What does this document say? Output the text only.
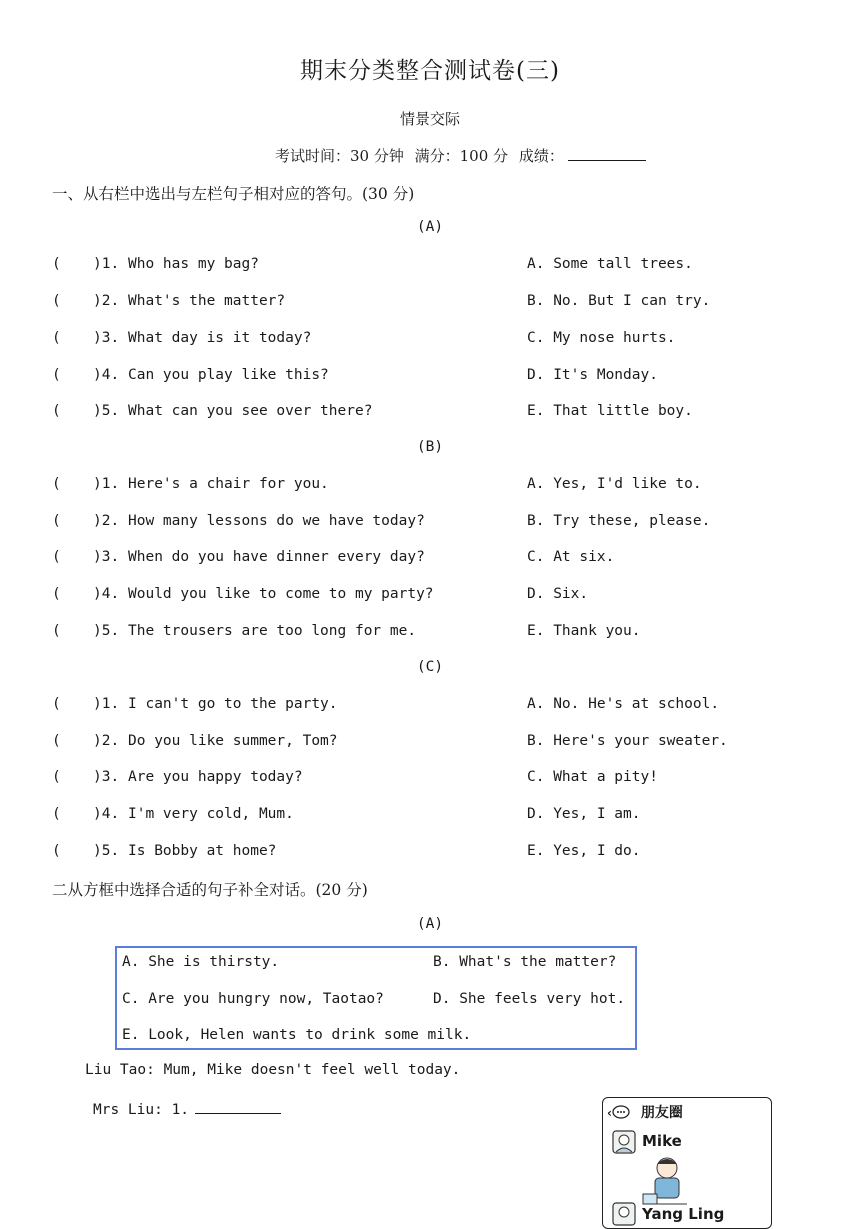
期末分类整合测试卷(三)
情景交际
考试时间：30 分钟 满分：100 分 成绩：
一、从右栏中选出与左栏句子相对应的答句。(30 分)
(A)
( )1. Who has my bag?	A. Some tall trees.
( )2. What's the matter?	B. No. But I can try.
( )3. What day is it today?	C. My nose hurts.
( )4. Can you play like this?	D. It's Monday.
( )5. What can you see over there?	E. That little boy.
(B)
( )1. Here's a chair for you.	A. Yes, I'd like to.
( )2. How many lessons do we have today?	B. Try these, please.
( )3. When do you have dinner every day?	C. At six.
( )4. Would you like to come to my party?	D. Six.
( )5. The trousers are too long for me.	E. Thank you.
(C)
( )1. I can't go to the party.	A. No. He's at school.
( )2. Do you like summer, Tom?	B. Here's your sweater.
( )3. Are you happy today?	C. What a pity!
( )4. I'm very cold, Mum.	D. Yes, I am.
( )5. Is Bobby at home?	E. Yes, I do.
二从方框中选择合适的句子补全对话。(20 分)
(A)
A. She is thirsty.	B. What's the matter?
C. Are you hungry now, Taotao?	D. She feels very hot.
E. Look, Helen wants to drink some milk.
Liu Tao: Mum, Mike doesn't feel well today.
Mrs Liu: 1.	‹ 朋友圈
Mike
Yang Ling
